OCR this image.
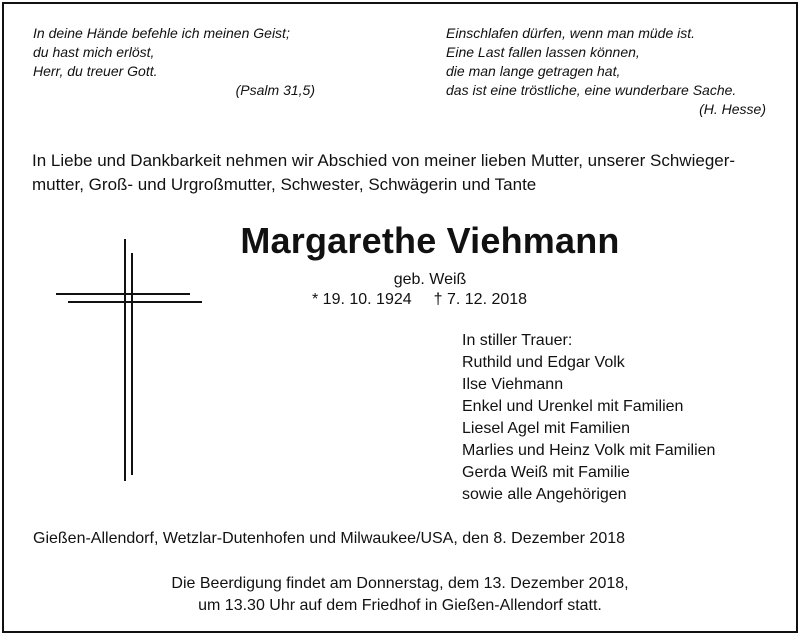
In deine Hände befehle ich meinen Geist;
du hast mich erlöst,
Herr, du treuer Gott.
(Psalm 31,5)
Einschlafen dürfen, wenn man müde ist.
Eine Last fallen lassen können,
die man lange getragen hat,
das ist eine tröstliche, eine wunderbare Sache.
(H. Hesse)
In Liebe und Dankbarkeit nehmen wir Abschied von meiner lieben Mutter, unserer Schwieger-
mutter, Groß- und Urgroßmutter, Schwester, Schwägerin und Tante
Margarethe Viehmann
geb. Weiß
* 19. 10. 1924 † 7. 12. 2018
In stiller Trauer:
Ruthild und Edgar Volk
Ilse Viehmann
Enkel und Urenkel mit Familien
Liesel Agel mit Familien
Marlies und Heinz Volk mit Familien
Gerda Weiß mit Familie
sowie alle Angehörigen
Gießen-Allendorf, Wetzlar-Dutenhofen und Milwaukee/USA, den 8. Dezember 2018
Die Beerdigung findet am Donnerstag, dem 13. Dezember 2018,
um 13.30 Uhr auf dem Friedhof in Gießen-Allendorf statt.
